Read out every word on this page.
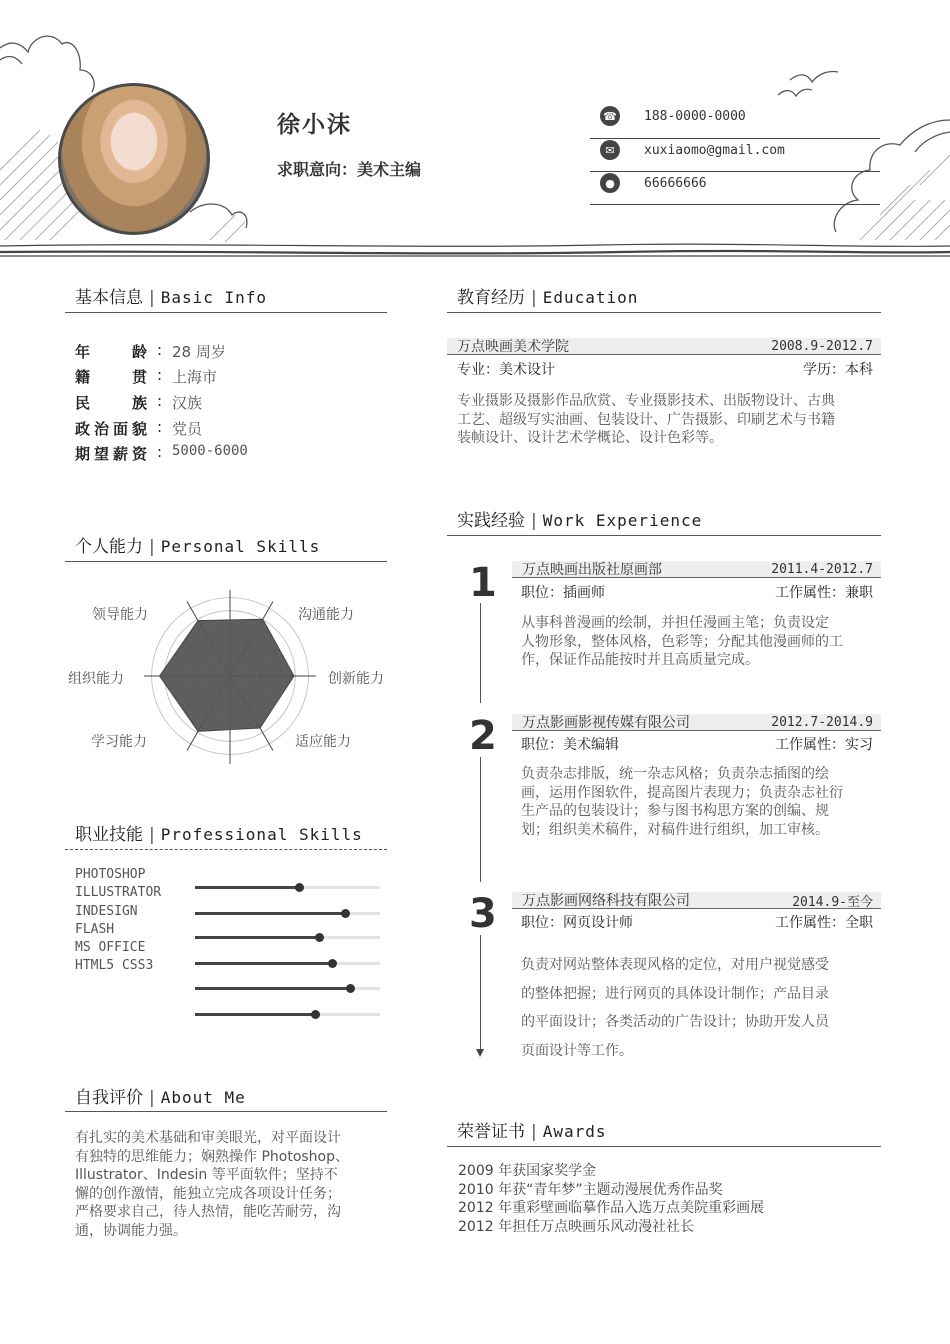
徐小沫
求职意向：美术主编
☎ 188-0000-0000
✉	xuxiaomo@gmail.com
●	66666666
基本信息 | Basic Info
年龄 : 28 周岁
籍贯 : 上海市
民族 : 汉族
政治面貌 : 党员
期望薪资 : 5000-6000
个人能力 | Personal Skills
领导能力	沟通能力
创新能力
适应能力
学习能力
组织能力
职业技能 | Professional Skills
PHOTOSHOP
ILLUSTRATOR
INDESIGN
FLASH
MS OFFICE
HTML5 CSS3
自我评价 | About Me
有扎实的美术基础和审美眼光，对平面设计
有独特的思维能力；娴熟操作 Photoshop、
Illustrator、Indesin 等平面软件；坚持不
懈的创作激情，能独立完成各项设计任务；
严格要求自己，待人热情，能吃苦耐劳，沟
通，协调能力强。
教育经历 | Education
万点映画美术学院	2008.9-2012.7
专业：美术设计	学历：本科
专业摄影及摄影作品欣赏、专业摄影技术、出版物设计、古典
工艺、超级写实油画、包装设计、广告摄影、印刷艺术与书籍
装帧设计、设计艺术学概论、设计色彩等。
实践经验 | Work Experience
1 万点映画出版社原画部	2011.4-2012.7
职位：插画师	工作属性：兼职
从事科普漫画的绘制，并担任漫画主笔；负责设定
人物形象，整体风格，色彩等；分配其他漫画师的工
作，保证作品能按时并且高质量完成。
2 万点影画影视传媒有限公司	2012.7-2014.9
职位：美术编辑	工作属性：实习
负责杂志排版，统一杂志风格；负责杂志插图的绘
画，运用作图软件，提高图片表现力；负责杂志社衍
生产品的包装设计；参与图书构思方案的创编、规
划；组织美术稿件，对稿件进行组织，加工审核。
3 万点影画网络科技有限公司	2014.9-至今
职位：网页设计师	工作属性：全职
负责对网站整体表现风格的定位，对用户视觉感受
的整体把握；进行网页的具体设计制作；产品目录
的平面设计；各类活动的广告设计；协助开发人员
页面设计等工作。
荣誉证书 | Awards
2009 年获国家奖学金
2010 年获“青年梦”主题动漫展优秀作品奖
2012 年重彩壁画临摹作品入选万点美院重彩画展
2012 年担任万点映画乐风动漫社社长
